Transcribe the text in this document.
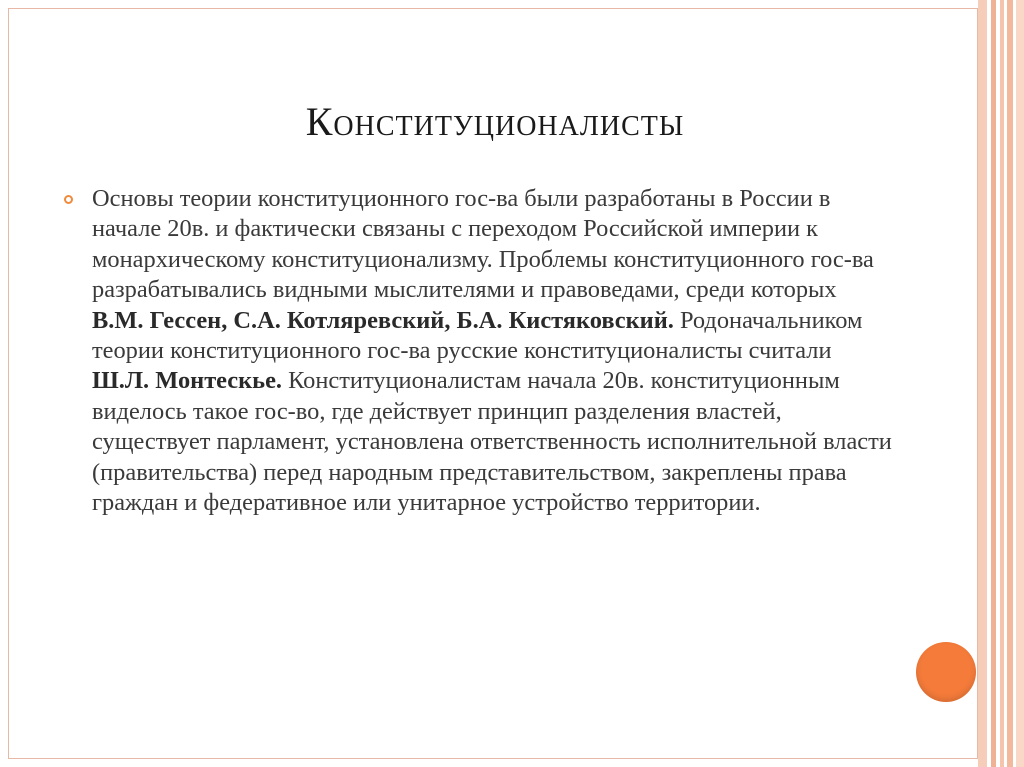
Конституционалисты
Основы теории конституционного гос-ва были разработаны в России в начале 20в. и фактически связаны с переходом Российской империи к монархическому конституционализму. Проблемы конституционного гос-ва разрабатывались видными мыслителями и правоведами, среди которых В.М. Гессен, С.А. Котляревский, Б.А. Кистяковский. Родоначальником теории конституционного гос-ва русские конституционалисты считали Ш.Л. Монтескье. Конституционалистам начала 20в. конституционным виделось такое гос-во, где действует принцип разделения властей, существует парламент, установлена ответственность исполнительной власти (правительства) перед народным представительством, закреплены права граждан и федеративное или унитарное устройство территории.
